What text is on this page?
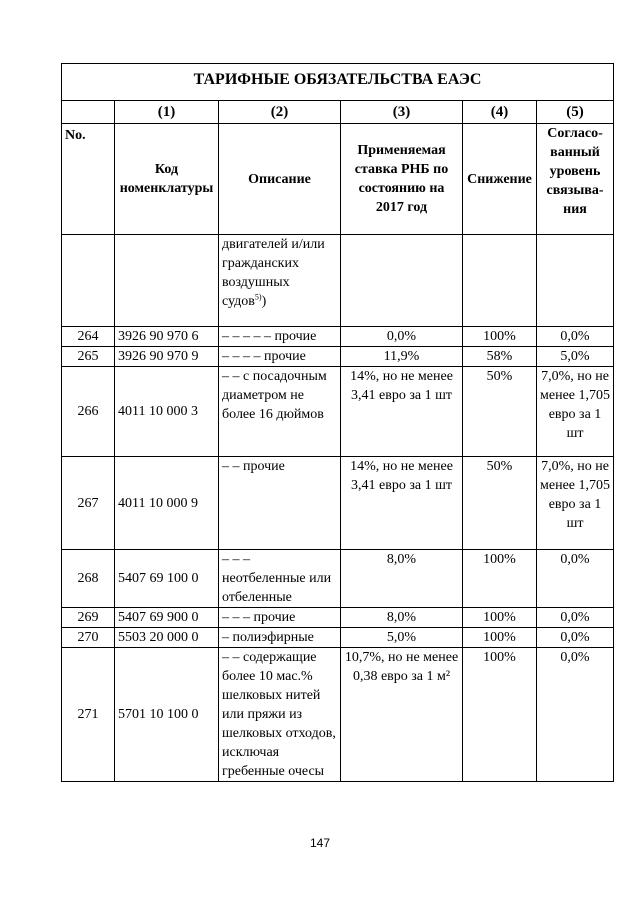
ТАРИФНЫЕ ОБЯЗАТЕЛЬСТВА ЕАЭС					
	(1)	(2)	(3)	(4)	(5)
No.	Код номенклатуры	Описание	Применяемая ставка РНБ по состоянию на 2017 год	Снижение	Согласо-ванный уровень связыва-ния
		двигателей и/или гражданских воздушных судов$^{5)}$)			
264	3926 90 970 6	– – – – – прочие	0,0%	100%	0,0%
265	3926 90 970 9	– – – – прочие	11,9%	58%	5,0%
266	4011 10 000 3	– – с посадочным диаметром не более 16 дюймов	14%, но не менее 3,41 евро за 1 шт	50%	7,0%, но не менее 1,705 евро за 1 шт
267	4011 10 000 9	– – прочие	14%, но не менее 3,41 евро за 1 шт	50%	7,0%, но не менее 1,705 евро за 1 шт
268	5407 69 100 0	– – – неотбеленные или отбеленные	8,0%	100%	0,0%
269	5407 69 900 0	– – – прочие	8,0%	100%	0,0%
270	5503 20 000 0	– полиэфирные	5,0%	100%	0,0%
271	5701 10 100 0	– – содержащие более 10 мас.% шелковых нитей или пряжи из шелковых отходов, исключая гребенные очесы	10,7%, но не менее 0,38 евро за 1 м²	100%	0,0%
147
